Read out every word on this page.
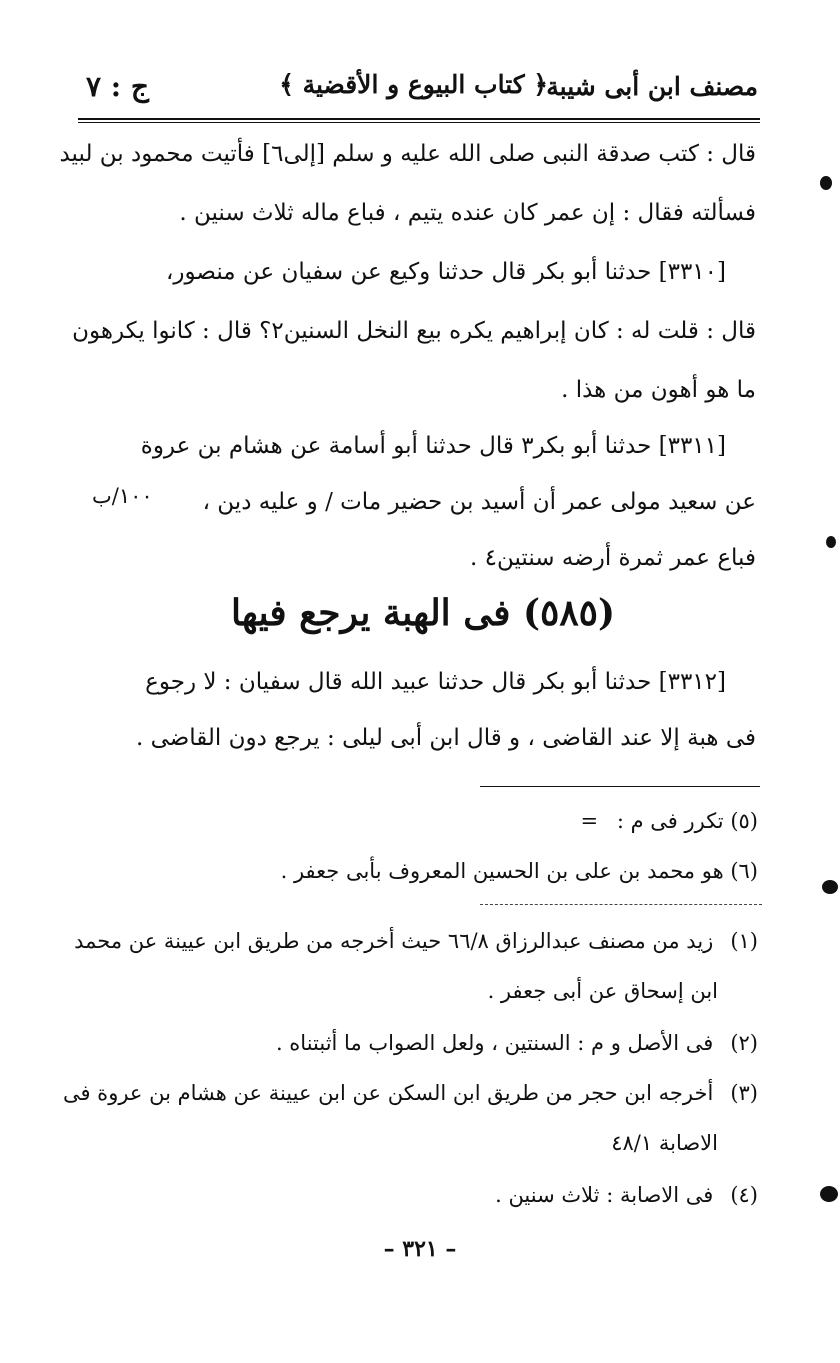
مصنف ابن أبى شيبة
﴿ كتاب البيوع و الأقضية ﴾
ج : ٧
قال : كتب صدقة النبى صلى الله عليه و سلم [إلى٦] فأتيت محمود بن لبيد
فسألته فقال : إن عمر كان عنده يتيم ، فباع ماله ثلاث سنين .
[٣٣١٠] حدثنا أبو بكر قال حدثنا وكيع عن سفيان عن منصور،
قال : قلت له : كان إبراهيم يكره بيع النخل السنين٢؟ قال : كانوا يكرهون
ما هو أهون من هذا .
[٣٣١١] حدثنا أبو بكر٣ قال حدثنا أبو أسامة عن هشام بن عروة
عن سعيد مولى عمر أن أسيد بن حضير مات / و عليه دين ،
١٠٠/ب
فباع عمر ثمرة أرضه سنتين٤ .
(٥٨٥) فى الهبة يرجع فيها
[٣٣١٢] حدثنا أبو بكر قال حدثنا عبيد الله قال سفيان : لا رجوع
فى هبة إلا عند القاضى ، و قال ابن أبى ليلى : يرجع دون القاضى .
(٥) تكرر فى م : =
(٦) هو محمد بن على بن الحسين المعروف بأبى جعفر .
(١) زيد من مصنف عبدالرزاق ٦٦/٨ حيث أخرجه من طريق ابن عيينة عن محمد
ابن إسحاق عن أبى جعفر .
(٢) فى الأصل و م : السنتين ، ولعل الصواب ما أثبتناه .
(٣) أخرجه ابن حجر من طريق ابن السكن عن ابن عيينة عن هشام بن عروة فى
الاصابة ٤٨/١
(٤) فى الاصابة : ثلاث سنين .
– ٣٢١ –
